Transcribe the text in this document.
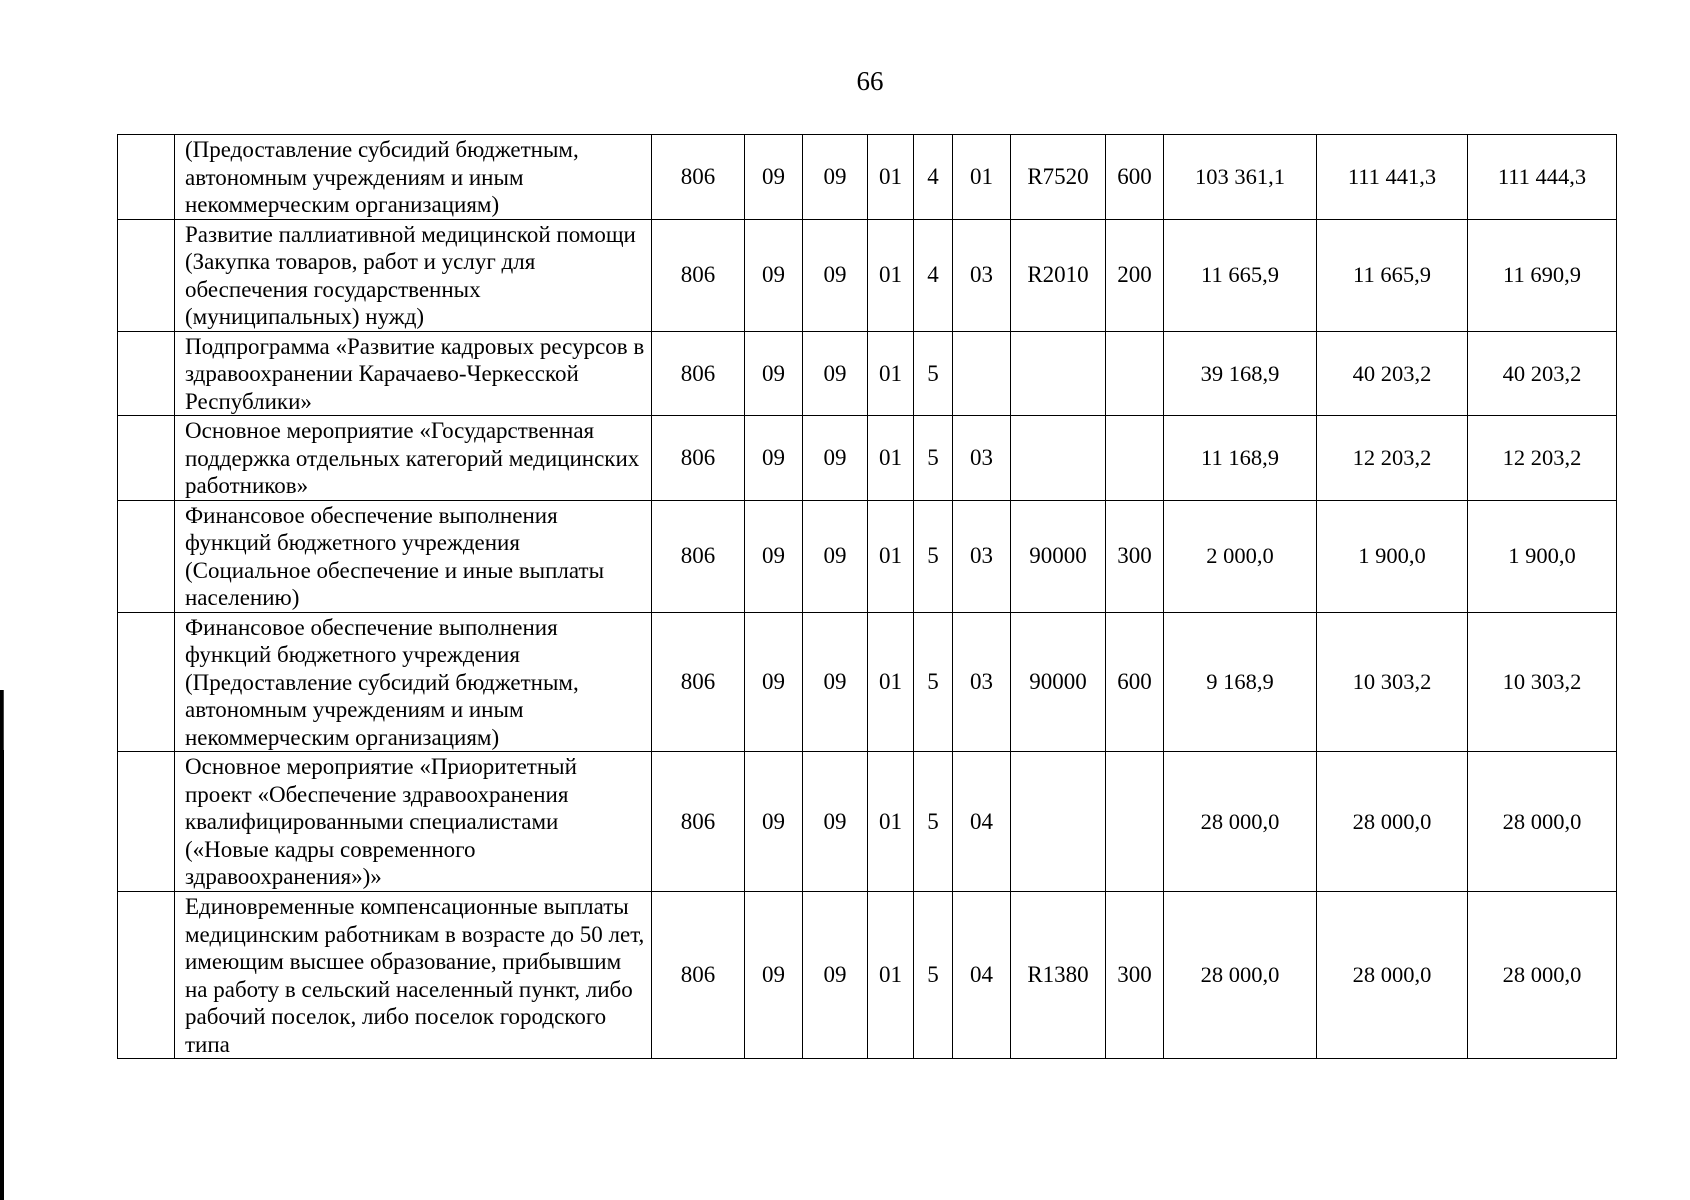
66
	(Предоставление субсидий бюджетным, автономным учреждениям и иным некоммерческим организациям)	806	09	09	01	4	01	R7520	600	103 361,1	111 441,3	111 444,3
	Развитие паллиативной медицинской помощи (Закупка товаров, работ и услуг для обеспечения государственных (муниципальных) нужд)	806	09	09	01	4	03	R2010	200	11 665,9	11 665,9	11 690,9
	Подпрограмма «Развитие кадровых ресурсов в здравоохранении Карачаево-Черкесской Республики»	806	09	09	01	5				39 168,9	40 203,2	40 203,2
	Основное мероприятие «Государственная поддержка отдельных категорий медицинских работников»	806	09	09	01	5	03			11 168,9	12 203,2	12 203,2
	Финансовое обеспечение выполнения функций бюджетного учреждения (Социальное обеспечение и иные выплаты населению)	806	09	09	01	5	03	90000	300	2 000,0	1 900,0	1 900,0
	Финансовое обеспечение выполнения функций бюджетного учреждения (Предоставление субсидий бюджетным, автономным учреждениям и иным некоммерческим организациям)	806	09	09	01	5	03	90000	600	9 168,9	10 303,2	10 303,2
	Основное мероприятие «Приоритетный проект «Обеспечение здравоохранения квалифицированными специалистами («Новые кадры современного здравоохранения»)»	806	09	09	01	5	04			28 000,0	28 000,0	28 000,0
	Единовременные компенсационные выплаты медицинским работникам в возрасте до 50 лет, имеющим высшее образование, прибывшим на работу в сельский населенный пункт, либо рабочий поселок, либо поселок городского типа	806	09	09	01	5	04	R1380	300	28 000,0	28 000,0	28 000,0
